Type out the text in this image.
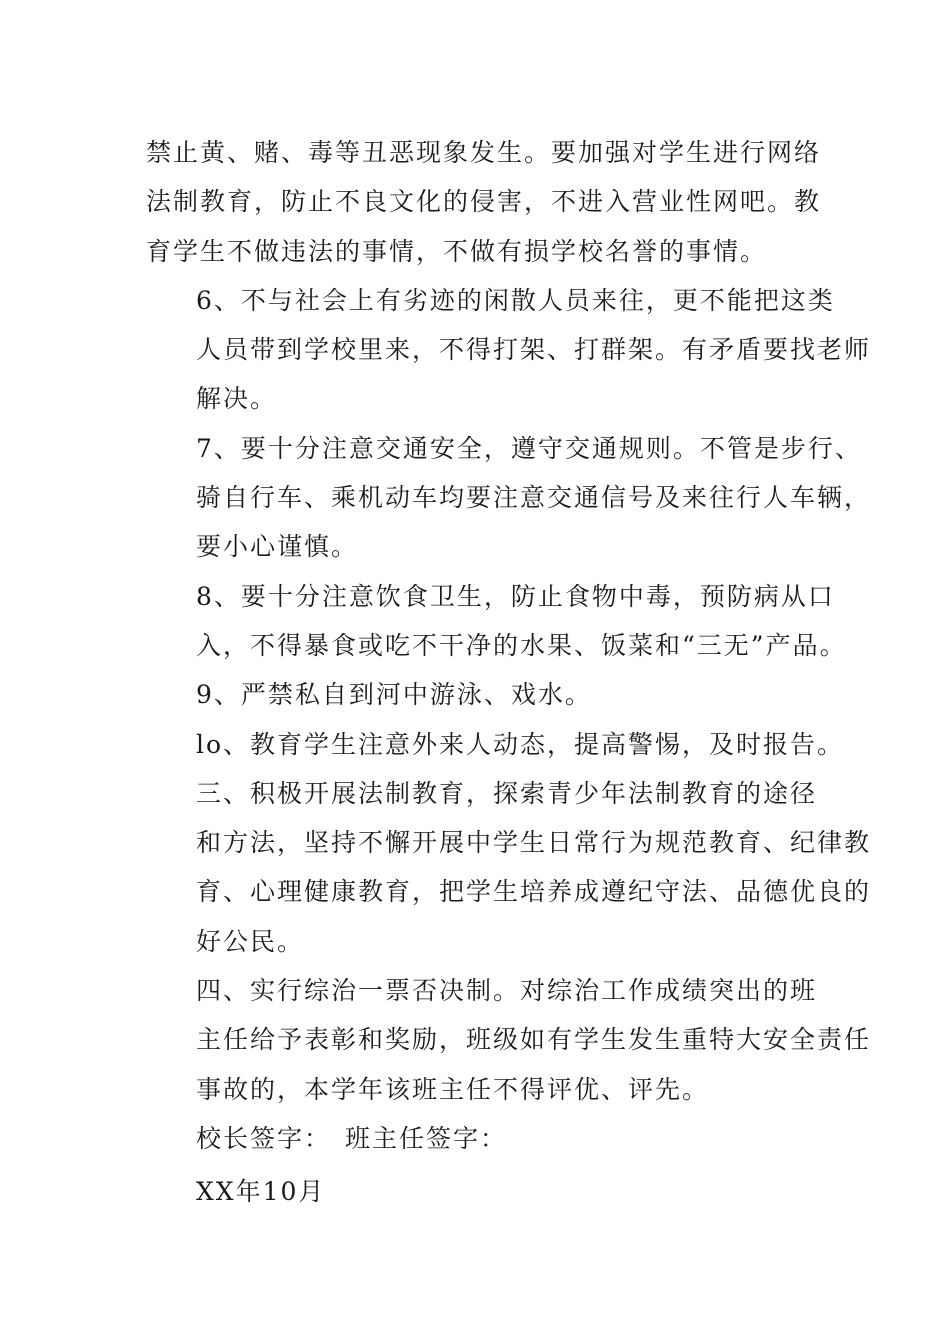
禁止黄、赌、毒等丑恶现象发生。要加强对学生进行网络
法制教育，防止不良文化的侵害，不进入营业性网吧。教
育学生不做违法的事情，不做有损学校名誉的事情。
6、不与社会上有劣迹的闲散人员来往，更不能把这类
人员带到学校里来，不得打架、打群架。有矛盾要找老师
解决。
7、要十分注意交通安全，遵守交通规则。不管是步行、
骑自行车、乘机动车均要注意交通信号及来往行人车辆，
要小心谨慎。
8、要十分注意饮食卫生，防止食物中毒，预防病从口
入，不得暴食或吃不干净的水果、饭菜和“三无”产品。
9、严禁私自到河中游泳、戏水。
lo、教育学生注意外来人动态，提高警惕，及时报告。
三、积极开展法制教育，探索青少年法制教育的途径
和方法，坚持不懈开展中学生日常行为规范教育、纪律教
育、心理健康教育，把学生培养成遵纪守法、品德优良的
好公民。
四、实行综治一票否决制。对综治工作成绩突出的班
主任给予表彰和奖励，班级如有学生发生重特大安全责任
事故的，本学年该班主任不得评优、评先。
校长签字： 班主任签字：
XX年10月
